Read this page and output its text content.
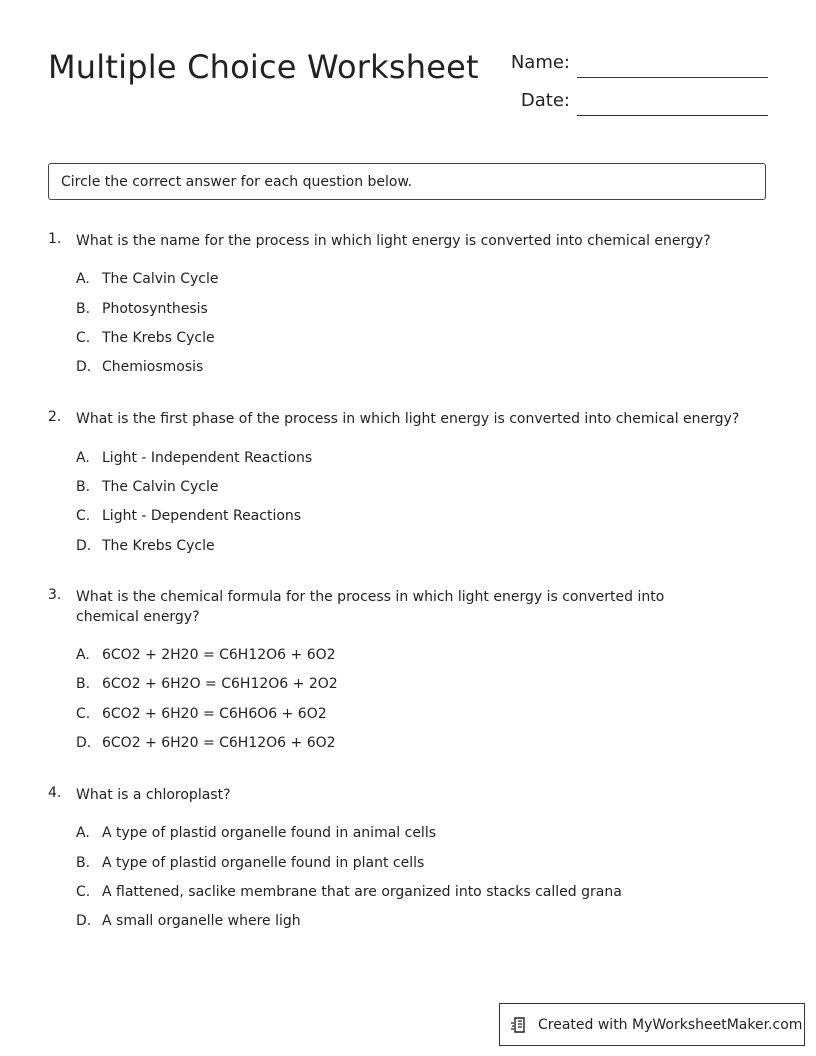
Multiple Choice Worksheet	Name:
Date:
Circle the correct answer for each question below.
1. What is the name for the process in which light energy is converted into chemical energy?
A. The Calvin Cycle
B. Photosynthesis
C. The Krebs Cycle
D. Chemiosmosis
2. What is the first phase of the process in which light energy is converted into chemical energy?
A. Light - Independent Reactions
B. The Calvin Cycle
C. Light - Dependent Reactions
D. The Krebs Cycle
3. What is the chemical formula for the process in which light energy is converted into chemical energy?
A. 6CO2 + 2H20 = C6H12O6 + 6O2
B. 6CO2 + 6H2O = C6H12O6 + 2O2
C. 6CO2 + 6H20 = C6H6O6 + 6O2
D. 6CO2 + 6H20 = C6H12O6 + 6O2
4. What is a chloroplast?
A. A type of plastid organelle found in animal cells
B. A type of plastid organelle found in plant cells
C. A flattened, saclike membrane that are organized into stacks called grana
D. A small organelle where ligh
Created with MyWorksheetMaker.com
